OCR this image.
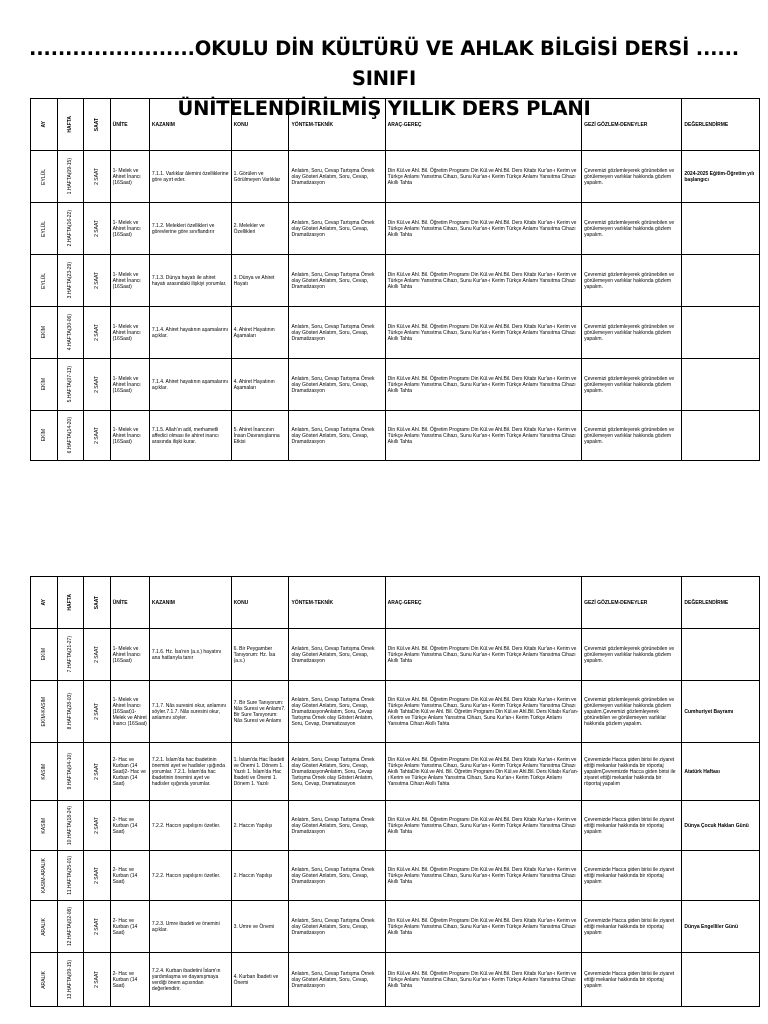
.......................OKULU DİN KÜLTÜRÜ VE AHLAK BİLGİSİ DERSİ ...... SINIFI
ÜNİTELENDİRİLMİŞ YILLIK DERS PLANI
AY	HAFTA	SAAT	ÜNİTE	KAZANIM	KONU	YÖNTEM-TEKNİK	ARAÇ-GEREÇ	GEZİ GÖZLEM-DENEYLER	DEĞERLENDİRME

EYLÜL	1.HAFTA(09-15)	2 SAAT	1- Melek ve Ahiret İnancı (16Saat)	7.1.1. Varlıklar âlemini özelliklerine göre ayırt eder.	1. Görülen ve Görülmeyen Varlıklar	Anlatım, Soru, Cevap Tartışma Örnek olay Gösteri Anlatım, Soru, Cevap, Dramatizasyon	Din Kül.ve Ahl. Bil. Öğretim Programı Din Kül.ve Ahl.Bil. Ders Kitabı Kur'an-ı Kerim ve Türkçe Anlamı Yansıtma Cihazı, Sunu Kur'an-ı Kerim Türkçe Anlamı Yansıtma Cihazı Akıllı Tahta	Çevremizi gözlemleyerek görünebilen ve görülemeyen varlıklar hakkında gözlem yapalım.	2024-2025 Eğitim-Öğretim yılı başlangıcı

EYLÜL	2.HAFTA(16-22)	2 SAAT	1- Melek ve Ahiret İnancı (16Saat)	7.1.2. Melekleri özellikleri ve görevlerine göre sınıflandırır	2. Melekler ve Özellikleri	Anlatım, Soru, Cevap Tartışma Örnek olay Gösteri Anlatım, Soru, Cevap, Dramatizasyon	Din Kül.ve Ahl. Bil. Öğretim Programı Din Kül.ve Ahl.Bil. Ders Kitabı Kur'an-ı Kerim ve Türkçe Anlamı Yansıtma Cihazı, Sunu Kur'an-ı Kerim Türkçe Anlamı Yansıtma Cihazı Akıllı Tahta	Çevremizi gözlemleyerek görünebilen ve görülemeyen varlıklar hakkında gözlem yapalım.	

EYLÜL	3.HAFTA(23-29)	2 SAAT	1- Melek ve Ahiret İnancı (16Saat)	7.1.3. Dünya hayatı ile ahiret hayatı arasındaki ilişkiyi yorumlar.	3. Dünya ve Ahiret Hayatı	Anlatım, Soru, Cevap Tartışma Örnek olay Gösteri Anlatım, Soru, Cevap, Dramatizasyon	Din Kül.ve Ahl. Bil. Öğretim Programı Din Kül.ve Ahl.Bil. Ders Kitabı Kur'an-ı Kerim ve Türkçe Anlamı Yansıtma Cihazı, Sunu Kur'an-ı Kerim Türkçe Anlamı Yansıtma Cihazı Akıllı Tahta	Çevremizi gözlemleyerek görünebilen ve görülemeyen varlıklar hakkında gözlem yapalım.	

EKİM	4.HAFTA(30-06)	2 SAAT	1- Melek ve Ahiret İnancı (16Saat)	7.1.4. Ahiret hayatının aşamalarını açıklar.	4. Ahiret Hayatının Aşamaları	Anlatım, Soru, Cevap Tartışma Örnek olay Gösteri Anlatım, Soru, Cevap, Dramatizasyon	Din Kül.ve Ahl. Bil. Öğretim Programı Din Kül.ve Ahl.Bil. Ders Kitabı Kur'an-ı Kerim ve Türkçe Anlamı Yansıtma Cihazı, Sunu Kur'an-ı Kerim Türkçe Anlamı Yansıtma Cihazı Akıllı Tahta	Çevremizi gözlemleyerek görünebilen ve görülemeyen varlıklar hakkında gözlem yapalım.	

EKİM	5.HAFTA(07-13)	2 SAAT	1- Melek ve Ahiret İnancı (16Saat)	7.1.4. Ahiret hayatının aşamalarını açıklar.	4. Ahiret Hayatının Aşamaları	Anlatım, Soru, Cevap Tartışma Örnek olay Gösteri Anlatım, Soru, Cevap, Dramatizasyon	Din Kül.ve Ahl. Bil. Öğretim Programı Din Kül.ve Ahl.Bil. Ders Kitabı Kur'an-ı Kerim ve Türkçe Anlamı Yansıtma Cihazı, Sunu Kur'an-ı Kerim Türkçe Anlamı Yansıtma Cihazı Akıllı Tahta	Çevremizi gözlemleyerek görünebilen ve görülemeyen varlıklar hakkında gözlem yapalım.	

EKİM	6.HAFTA(14-20)	2 SAAT	1- Melek ve Ahiret İnancı (16Saat)	7.1.5. Allah'ın adil, merhametli affedici olması ile ahiret inancı arasında ilişki kurar.	5. Ahiret İnancının İnsan Davranışlarına Etkisi	Anlatım, Soru, Cevap Tartışma Örnek olay Gösteri Anlatım, Soru, Cevap, Dramatizasyon	Din Kül.ve Ahl. Bil. Öğretim Programı Din Kül.ve Ahl.Bil. Ders Kitabı Kur'an-ı Kerim ve Türkçe Anlamı Yansıtma Cihazı, Sunu Kur'an-ı Kerim Türkçe Anlamı Yansıtma Cihazı Akıllı Tahta	Çevremizi gözlemleyerek görünebilen ve görülemeyen varlıklar hakkında gözlem yapalım.	
AY	HAFTA	SAAT	ÜNİTE	KAZANIM	KONU	YÖNTEM-TEKNİK	ARAÇ-GEREÇ	GEZİ GÖZLEM-DENEYLER	DEĞERLENDİRME

EKİM	7.HAFTA(21-27)	2 SAAT	1- Melek ve Ahiret İnancı (16Saat)	7.1.6. Hz. İsa'nın (a.s.) hayatını ana hatlarıyla tanır	6. Bir Peygamber Tanıyorum: Hz. İsa (a.s.)	Anlatım, Soru, Cevap Tartışma Örnek olay Gösteri Anlatım, Soru, Cevap, Dramatizasyon	Din Kül.ve Ahl. Bil. Öğretim Programı Din Kül.ve Ahl.Bil. Ders Kitabı Kur'an-ı Kerim ve Türkçe Anlamı Yansıtma Cihazı, Sunu Kur'an-ı Kerim Türkçe Anlamı Yansıtma Cihazı Akıllı Tahta	Çevremizi gözlemleyerek görünebilen ve görülemeyen varlıklar hakkında gözlem yapalım.	

EKİM-KASIM	8.HAFTA(28-03)	2 SAAT	1- Melek ve Ahiret İnancı (16Saat)1- Melek ve Ahiret İnancı (16Saat)	7.1.7. Nâs suresini okur, anlamını söyler.7.1.7. Nâs suresini okur, anlamını söyler.	7. Bir Sure Tanıyorum: Nâs Suresi ve Anlamı7. Bir Sure Tanıyorum: Nâs Suresi ve Anlamı	Anlatım, Soru, Cevap Tartışma Örnek olay Gösteri Anlatım, Soru, Cevap, DramatizasyonAnlatım, Soru, Cevap Tartışma Örnek olay Gösteri Anlatım, Soru, Cevap, Dramatizasyon	Din Kül.ve Ahl. Bil. Öğretim Programı Din Kül.ve Ahl.Bil. Ders Kitabı Kur'an-ı Kerim ve Türkçe Anlamı Yansıtma Cihazı, Sunu Kur'an-ı Kerim Türkçe Anlamı Yansıtma Cihazı Akıllı TahtaDin Kül.ve Ahl. Bil. Öğretim Programı Din Kül.ve Ahl.Bil. Ders Kitabı Kur'an-ı Kerim ve Türkçe Anlamı Yansıtma Cihazı, Sunu Kur'an-ı Kerim Türkçe Anlamı Yansıtma Cihazı Akıllı Tahta	Çevremizi gözlemleyerek görünebilen ve görülemeyen varlıklar hakkında gözlem yapalım.Çevremizi gözlemleyerek görünebilen ve görülemeyen varlıklar hakkında gözlem yapalım.	Cumhuriyet Bayramı

KASIM	9.HAFTA(04-10)	2 SAAT	2- Hac ve Kurban (14 Saat)2- Hac ve Kurban (14 Saat)	7.2.1. İslam'da hac ibadetinin önemini ayet ve hadisler ışığında yorumlar. 7.2.1. İslam'da hac ibadetinin önemini ayet ve hadisler ışığında yorumlar.	1. İslam'da Hac İbadeti ve Önemi 1. Dönem 1. Yazılı 1. İslam'da Hac İbadeti ve Önemi 1. Dönem 1. Yazılı	Anlatım, Soru, Cevap Tartışma Örnek olay Gösteri Anlatım, Soru, Cevap, DramatizasyonAnlatım, Soru, Cevap Tartışma Örnek olay Gösteri Anlatım, Soru, Cevap, Dramatizasyon	Din Kül.ve Ahl. Bil. Öğretim Programı Din Kül.ve Ahl.Bil. Ders Kitabı Kur'an-ı Kerim ve Türkçe Anlamı Yansıtma Cihazı, Sunu Kur'an-ı Kerim Türkçe Anlamı Yansıtma Cihazı Akıllı TahtaDin Kül.ve Ahl. Bil. Öğretim Programı Din Kül.ve Ahl.Bil. Ders Kitabı Kur'an-ı Kerim ve Türkçe Anlamı Yansıtma Cihazı, Sunu Kur'an-ı Kerim Türkçe Anlamı Yansıtma Cihazı Akıllı Tahta	Çevremizde Hacca giden birisi ile ziyaret ettiği mekanlar hakkında bir röportaj yapalımÇevremizde Hacca giden birisi ile ziyaret ettiği mekanlar hakkında bir röportaj yapalım	Atatürk Haftası

KASIM	10.HAFTA(18-24)	2 SAAT	2- Hac ve Kurban (14 Saat)	7.2.2. Haccın yapılışını özetler.	2. Haccın Yapılışı	Anlatım, Soru, Cevap Tartışma Örnek olay Gösteri Anlatım, Soru, Cevap, Dramatizasyon	Din Kül.ve Ahl. Bil. Öğretim Programı Din Kül.ve Ahl.Bil. Ders Kitabı Kur'an-ı Kerim ve Türkçe Anlamı Yansıtma Cihazı, Sunu Kur'an-ı Kerim Türkçe Anlamı Yansıtma Cihazı Akıllı Tahta	Çevremizde Hacca giden birisi ile ziyaret ettiği mekanlar hakkında bir röportaj yapalım	Dünya Çocuk Hakları Günü

KASIM-ARALIK	11.HAFTA(25-01)	2 SAAT	2- Hac ve Kurban (14 Saat)	7.2.2. Haccın yapılışını özetler.	2. Haccın Yapılışı	Anlatım, Soru, Cevap Tartışma Örnek olay Gösteri Anlatım, Soru, Cevap, Dramatizasyon	Din Kül.ve Ahl. Bil. Öğretim Programı Din Kül.ve Ahl.Bil. Ders Kitabı Kur'an-ı Kerim ve Türkçe Anlamı Yansıtma Cihazı, Sunu Kur'an-ı Kerim Türkçe Anlamı Yansıtma Cihazı Akıllı Tahta	Çevremizde Hacca giden birisi ile ziyaret ettiği mekanlar hakkında bir röportaj yapalım	

ARALIK	12.HAFTA(02-08)	2 SAAT	2- Hac ve Kurban (14 Saat)	7.2.3. Umre ibadeti ve önemini açıklar.	3. Umre ve Önemi	Anlatım, Soru, Cevap Tartışma Örnek olay Gösteri Anlatım, Soru, Cevap, Dramatizasyon	Din Kül.ve Ahl. Bil. Öğretim Programı Din Kül.ve Ahl.Bil. Ders Kitabı Kur'an-ı Kerim ve Türkçe Anlamı Yansıtma Cihazı, Sunu Kur'an-ı Kerim Türkçe Anlamı Yansıtma Cihazı Akıllı Tahta	Çevremizde Hacca giden birisi ile ziyaret ettiği mekanlar hakkında bir röportaj yapalım	Dünya Engelliler Günü

ARALIK	13.HAFTA(09-15)	2 SAAT	2- Hac ve Kurban (14 Saat)	7.2.4. Kurban ibadetini İslam'ın yardımlaşma ve dayanışmaya verdiği önem açısından değerlendirir.	4. Kurban İbadeti ve Önemi	Anlatım, Soru, Cevap Tartışma Örnek olay Gösteri Anlatım, Soru, Cevap, Dramatizasyon	Din Kül.ve Ahl. Bil. Öğretim Programı Din Kül.ve Ahl.Bil. Ders Kitabı Kur'an-ı Kerim ve Türkçe Anlamı Yansıtma Cihazı, Sunu Kur'an-ı Kerim Türkçe Anlamı Yansıtma Cihazı Akıllı Tahta	Çevremizde Hacca giden birisi ile ziyaret ettiği mekanlar hakkında bir röportaj yapalım	
